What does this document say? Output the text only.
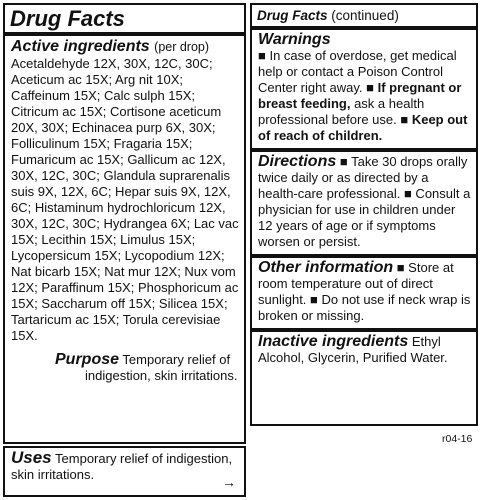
Drug Facts
Active ingredients (per drop)

Acetaldehyde 12X, 30X, 12C, 30C; Aceticum ac 15X; Arg nit 10X; Caffeinum 15X; Calc sulph 15X; Citricum ac 15X; Cortisone aceticum 20X, 30X; Echinacea purp 6X, 30X; Folliculinum 15X; Fragaria 15X; Fumaricum ac 15X; Gallicum ac 12X, 30X, 12C, 30C; Glandula suprarenalis suis 9X, 12X, 6C; Hepar suis 9X, 12X, 6C; Histaminum hydrochloricum 12X, 30X, 12C, 30C; Hydrangea 6X; Lac vac 15X; Lecithin 15X; Limulus 15X; Lycopersicum 15X; Lycopodium 12X; Nat bicarb 15X; Nat mur 12X; Nux vom 12X; Paraffinum 15X; Phosphoricum ac 15X; Saccharum off 15X; Silicea 15X; Tartaricum ac 15X; Torula cerevisiae 15X.

Purpose Temporary relief of
indigestion, skin irritations.
Uses Temporary relief of indigestion, skin irritations.	→
Drug Facts (continued)
Warnings
■ In case of overdose, get medical help or contact a Poison Control Center right away. ■ If pregnant or breast feeding, ask a health professional before use. ■ Keep out of reach of children.
Directions ■ Take 30 drops orally twice daily or as directed by a health-care professional. ■ Consult a physician for use in children under 12 years of age or if symptoms worsen or persist.
Other information ■ Store at room temperature out of direct sunlight. ■ Do not use if neck wrap is broken or missing.
Inactive ingredients Ethyl Alcohol, Glycerin, Purified Water.
r04-16
